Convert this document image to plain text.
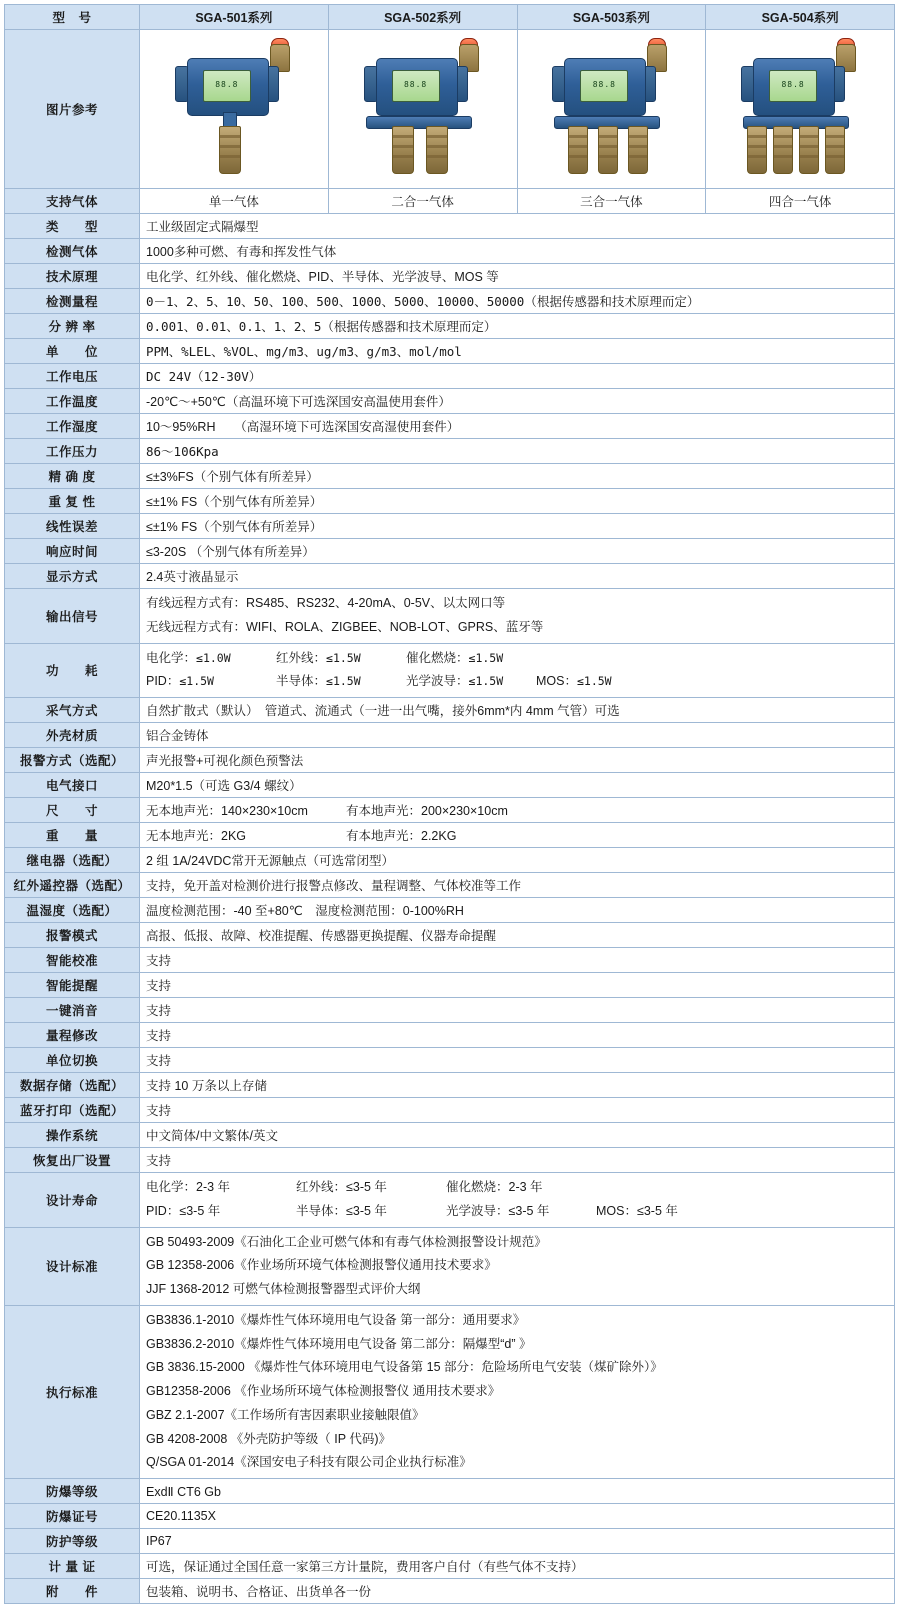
型　号	SGA-501系列	SGA-502系列	SGA-503系列	SGA-504系列
图片参考	88.8	88.8	88.8	88.8

支持气体	单一气体	二合一气体	三合一气体	四合一气体
类　　型	工业级固定式隔爆型			
检测气体	1000多种可燃、有毒和挥发性气体			
技术原理	电化学、红外线、催化燃烧、PID、半导体、光学波导、MOS 等			
检测量程	0－1、2、5、10、50、100、500、1000、5000、10000、50000（根据传感器和技术原理而定）			
分 辨 率	0.001、0.01、0.1、1、2、5（根据传感器和技术原理而定）			
单　　位	PPM、%LEL、%VOL、mg/m3、ug/m3、g/m3、mol/mol			
工作电压	DC 24V（12-30V）			
工作温度	-20℃～+50℃（高温环境下可选深国安高温使用套件）			
工作湿度	10～95%RH　　（高湿环境下可选深国安高湿使用套件）			
工作压力	86～106Kpa			
精 确 度	≤±3%FS（个别气体有所差异）			
重 复 性	≤±1% FS（个别气体有所差异）			
线性误差	≤±1% FS（个别气体有所差异）			
响应时间	≤3-20S （个别气体有所差异）			
显示方式	2.4英寸液晶显示			
输出信号	有线远程方式有：RS485、RS232、4-20mA、0-5V、以太网口等
无线远程方式有：WIFI、ROLA、ZIGBEE、NOB-LOT、GPRS、蓝牙等			

功　　耗	电化学：≤1.0W 红外线：≤1.5W 催化燃烧：≤1.5W
PID：≤1.5W 半导体：≤1.5W 光学波导：≤1.5W MOS：≤1.5W			
采气方式	自然扩散式（默认）　管道式、流通式（一进一出气嘴，接外6mm*内 4mm 气管）可选			
外壳材质	铝合金铸体			
报警方式（选配）	声光报警+可视化颜色预警法			
电气接口	M20*1.5（可选 G3/4 螺纹）			
尺　　寸	无本地声光：140×230×10cm 有本地声光：200×230×10cm			
重　　量	无本地声光：2KG 有本地声光：2.2KG			
继电器（选配）	2 组 1A/24VDC常开无源触点（可选常闭型）			
红外遥控器（选配）	支持，免开盖对检测价进行报警点修改、量程调整、气体校准等工作			
温湿度（选配）	温度检测范围：-40 至+80℃　湿度检测范围：0-100%RH			
报警模式	高报、低报、故障、校准提醒、传感器更换提醒、仪器寿命提醒			
智能校准	支持			
智能提醒	支持			
一键消音	支持			
量程修改	支持			
单位切换	支持			
数据存储（选配）	支持 10 万条以上存储			
蓝牙打印（选配）	支持			
操作系统	中文简体/中文繁体/英文			
恢复出厂设置	支持			
设计寿命	电化学：2-3 年 红外线：≤3-5 年 催化燃烧：2-3 年
PID：≤3-5 年 半导体：≤3-5 年 光学波导：≤3-5 年 MOS：≤3-5 年			
设计标准	GB 50493-2009《石油化工企业可燃气体和有毒气体检测报警设计规范》
GB 12358-2006《作业场所环境气体检测报警仪通用技术要求》
JJF 1368-2012 可燃气体检测报警器型式评价大纲			

执行标准	
GB3836.1-2010《爆炸性气体环境用电气设备 第一部分：通用要求》
GB3836.2-2010《爆炸性气体环境用电气设备 第二部分：隔爆型“d” 》
GB 3836.15-2000 《爆炸性气体环境用电气设备第 15 部分：危险场所电气安装（煤矿除外）》
GB12358-2006 《作业场所环境气体检测报警仪 通用技术要求》
GBZ 2.1-2007《工作场所有害因素职业接触限值》
GB 4208-2008 《外壳防护等级（ IP 代码)》
Q/SGA 01-2014《深国安电子科技有限公司企业执行标准》

防爆等级	ExdⅡ CT6 Gb			
防爆证号	CE20.1135X			
防护等级	IP67			
计 量 证	可选，保证通过全国任意一家第三方计量院，费用客户自付（有些气体不支持）			
附　　件	包装箱、说明书、合格证、出货单各一份			
